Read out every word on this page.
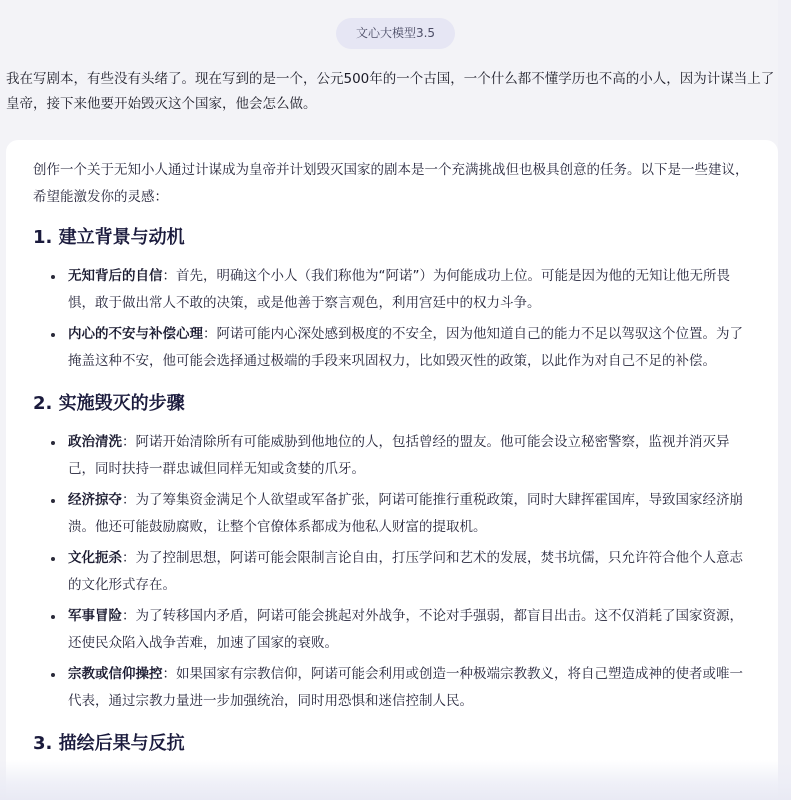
文心大模型3.5
我在写剧本，有些没有头绪了。现在写到的是一个，公元500年的一个古国，一个什么都不懂学历也不高的小人，因为计谋当上了皇帝，接下来他要开始毁灭这个国家，他会怎么做。

创作一个关于无知小人通过计谋成为皇帝并计划毁灭国家的剧本是一个充满挑战但也极具创意的任务。以下是一些建议，希望能激发你的灵感：

1. 建立背景与动机
无知背后的自信：首先，明确这个小人（我们称他为“阿诺”）为何能成功上位。可能是因为他的无知让他无所畏惧，敢于做出常人不敢的决策，或是他善于察言观色，利用宫廷中的权力斗争。
内心的不安与补偿心理：阿诺可能内心深处感到极度的不安全，因为他知道自己的能力不足以驾驭这个位置。为了掩盖这种不安，他可能会选择通过极端的手段来巩固权力，比如毁灭性的政策，以此作为对自己不足的补偿。
2. 实施毁灭的步骤
政治清洗：阿诺开始清除所有可能威胁到他地位的人，包括曾经的盟友。他可能会设立秘密警察，监视并消灭异己，同时扶持一群忠诚但同样无知或贪婪的爪牙。
经济掠夺：为了筹集资金满足个人欲望或军备扩张，阿诺可能推行重税政策，同时大肆挥霍国库，导致国家经济崩溃。他还可能鼓励腐败，让整个官僚体系都成为他私人财富的提取机。
文化扼杀：为了控制思想，阿诺可能会限制言论自由，打压学问和艺术的发展，焚书坑儒，只允许符合他个人意志的文化形式存在。
军事冒险：为了转移国内矛盾，阿诺可能会挑起对外战争，不论对手强弱，都盲目出击。这不仅消耗了国家资源，还使民众陷入战争苦难，加速了国家的衰败。
宗教或信仰操控：如果国家有宗教信仰，阿诺可能会利用或创造一种极端宗教教义，将自己塑造成神的使者或唯一代表，通过宗教力量进一步加强统治，同时用恐惧和迷信控制人民。
3. 描绘后果与反抗
